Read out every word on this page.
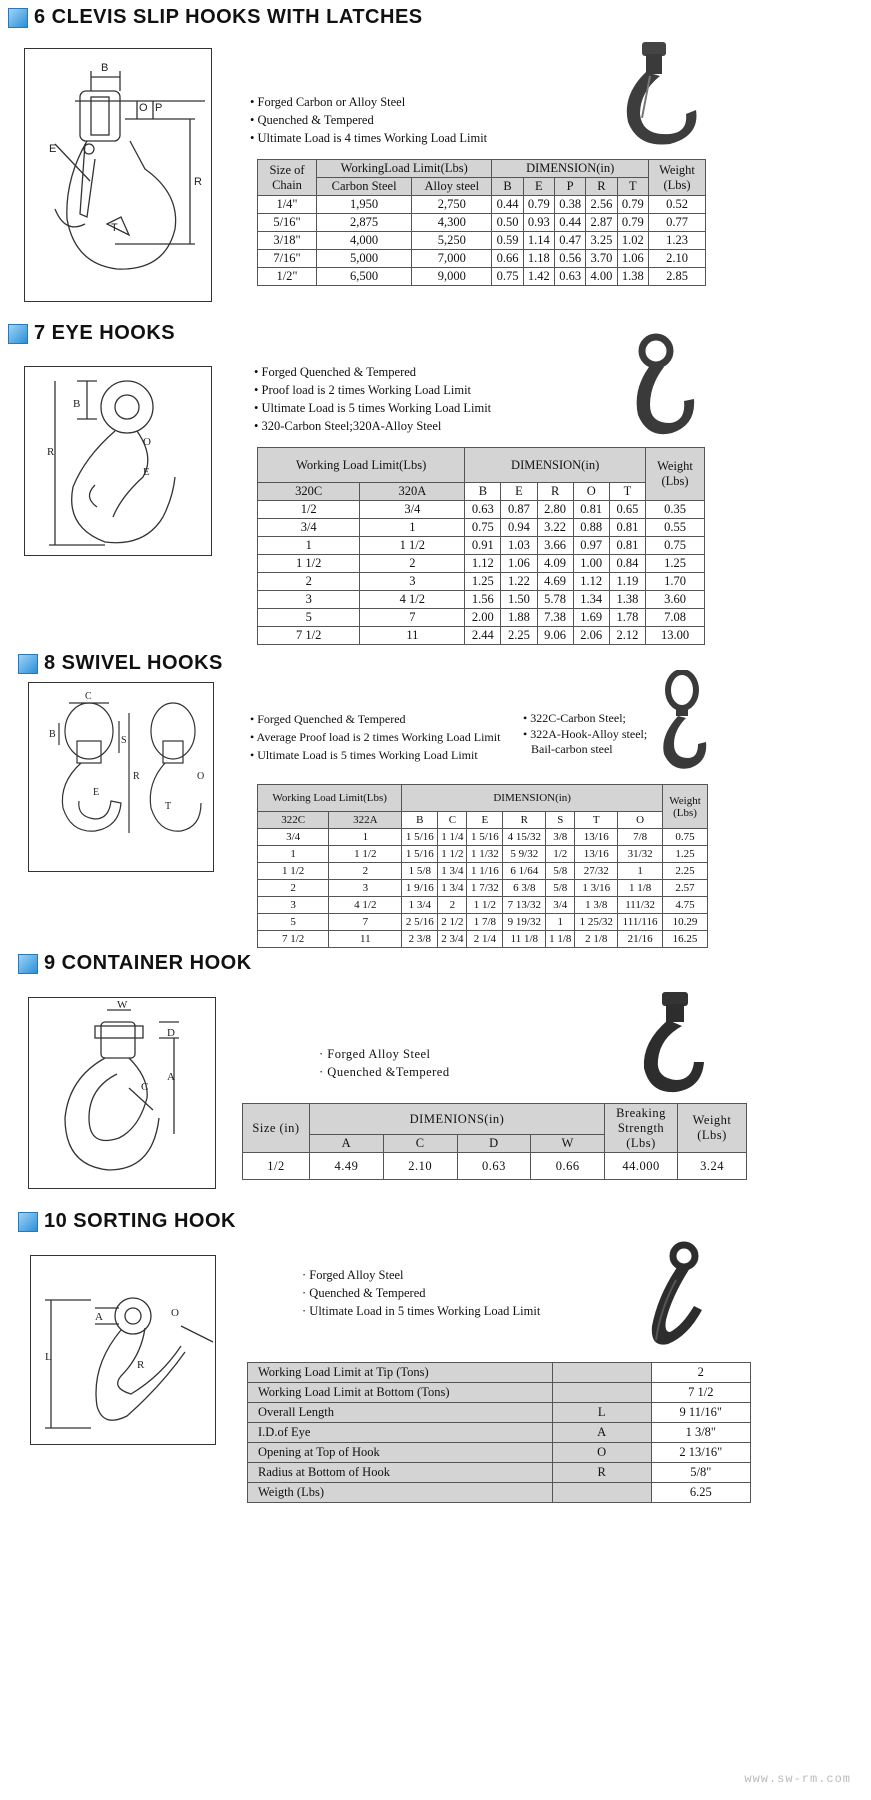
6 CLEVIS SLIP HOOKS WITH LATCHES
B
O P
E
R
T
• Forged Carbon or Alloy Steel
• Quenched & Tempered
• Ultimate Load is 4 times Working Load Limit
Size of Chain	WorkingLoad Limit(Lbs)		DIMENSION(in)					Weight (Lbs)
	Carbon Steel	Alloy steel	B	E	P	R	T	
1/4"	1,950	2,750	0.44	0.79	0.38	2.56	0.79	0.52
5/16"	2,875	4,300	0.50	0.93	0.44	2.87	0.79	0.77
3/18"	4,000	5,250	0.59	1.14	0.47	3.25	1.02	1.23
7/16"	5,000	7,000	0.66	1.18	0.56	3.70	1.06	2.10
1/2"	6,500	9,000	0.75	1.42	0.63	4.00	1.38	2.85
7 EYE HOOKS
B
R
O
E
• Forged Quenched & Tempered
• Proof load is 2 times Working Load Limit
• Ultimate Load is 5 times Working Load Limit
• 320-Carbon Steel;320A-Alloy Steel
Working Load Limit(Lbs)		DIMENSION(in)					Weight (Lbs)
320C	320A	B	E	R	O	T	
1/2	3/4	0.63	0.87	2.80	0.81	0.65	0.35
3/4	1	0.75	0.94	3.22	0.88	0.81	0.55
1	1 1/2	0.91	1.03	3.66	0.97	0.81	0.75
1 1/2	2	1.12	1.06	4.09	1.00	0.84	1.25
2	3	1.25	1.22	4.69	1.12	1.19	1.70
3	4 1/2	1.56	1.50	5.78	1.34	1.38	3.60
5	7	2.00	1.88	7.38	1.69	1.78	7.08
7 1/2	11	2.44	2.25	9.06	2.06	2.12	13.00
8 SWIVEL HOOKS
C
B
S
R
E
T
O
• Forged Quenched & Tempered
• Average Proof load is 2 times Working Load Limit
• Ultimate Load is 5 times Working Load Limit
• 322C-Carbon Steel;
• 322A-Hook-Alloy steel;
Bail-carbon steel
Working Load Limit(Lbs)		DIMENSION(in)							Weight (Lbs)
322C	322A	B	C	E	R	S	T	O	
3/4	1	1 5/16	1 1/4	1 5/16	4 15/32	3/8	13/16	7/8	0.75
1	1 1/2	1 5/16	1 1/2	1 1/32	5 9/32	1/2	13/16	31/32	1.25
1 1/2	2	1 5/8	1 3/4	1 1/16	6 1/64	5/8	27/32	1	2.25
2	3	1 9/16	1 3/4	1 7/32	6 3/8	5/8	1 3/16	1 1/8	2.57
3	4 1/2	1 3/4	2	1 1/2	7 13/32	3/4	1 3/8	111/32	4.75
5	7	2 5/16	2 1/2	1 7/8	9 19/32	1	1 25/32	111/116	10.29
7 1/2	11	2 3/8	2 3/4	2 1/4	11 1/8	1 1/8	2 1/8	21/16	16.25
9 CONTAINER HOOK
W
D
A
C
· Forged Alloy Steel
· Quenched &Tempered
Size (in)	DIMENIONS(in)				Breaking Strength (Lbs)	Weight (Lbs)
	A	C	D	W		
1/2	4.49	2.10	0.63	0.66	44.000	3.24
10 SORTING HOOK
L
A	O
R
· Forged Alloy Steel
· Quenched & Tempered
· Ultimate Load in 5 times Working Load Limit
Working Load Limit at Tip (Tons)		2
Working Load Limit at Bottom (Tons)		7 1/2
Overall Length	L	9 11/16"
I.D.of Eye	A	1 3/8"
Opening at Top of Hook	O	2 13/16"
Radius at Bottom of Hook	R	5/8"
Weigth (Lbs)		6.25
www.sw-rm.com
